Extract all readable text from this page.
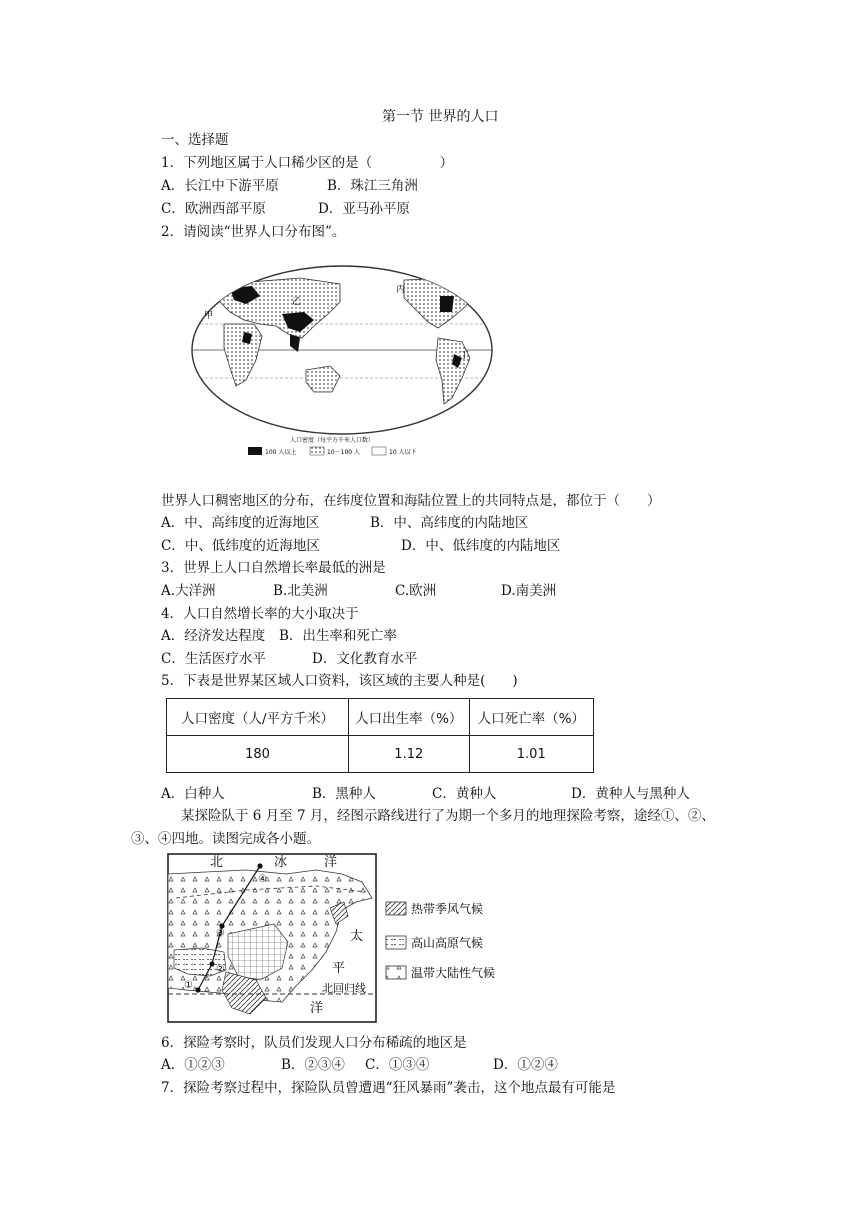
第一节 世界的人口
一、选择题
1．下列地区属于人口稀少区的是（　　　　　）
A．长江中下游平原	B．珠江三角洲
C．欧洲西部平原	D．亚马孙平原
2．请阅读“世界人口分布图”。
甲
乙
丙
丁
人口密度（每平方千米人口数）
100 人以上	10－100 人	10 人以下
世界人口稠密地区的分布，在纬度位置和海陆位置上的共同特点是，都位于（　　）
A．中、高纬度的近海地区	B．中、高纬度的内陆地区
C．中、低纬度的近海地区	D．中、低纬度的内陆地区
3．世界上人口自然增长率最低的洲是
A.大洋洲	B.北美洲	C.欧洲	D.南美洲
4．人口自然增长率的大小取决于
A．经济发达程度 B．出生率和死亡率
C．生活医疗水平	D．文化教育水平
5．下表是世界某区域人口资料，该区域的主要人种是(　　)
人口密度（人/平方千米）	人口出生率（%）	人口死亡率（%）
180	1.12	1.01
A．白种人	B．黑种人	C．黄种人	D．黄种人与黑种人
某探险队于 6 月至 7 月，经图示路线进行了为期一个多月的地理探险考察，途经①、②、
③、④四地。读图完成各小题。
北	冰	洋
太
平
洋
北回归线
①
②
③
④
热带季风气候
高山高原气候
温带大陆性气候
6．探险考察时，队员们发现人口分布稀疏的地区是
A．①②③	B．②③④ C．①③④	D．①②④
7．探险考察过程中，探险队员曾遭遇“狂风暴雨”袭击，这个地点最有可能是
